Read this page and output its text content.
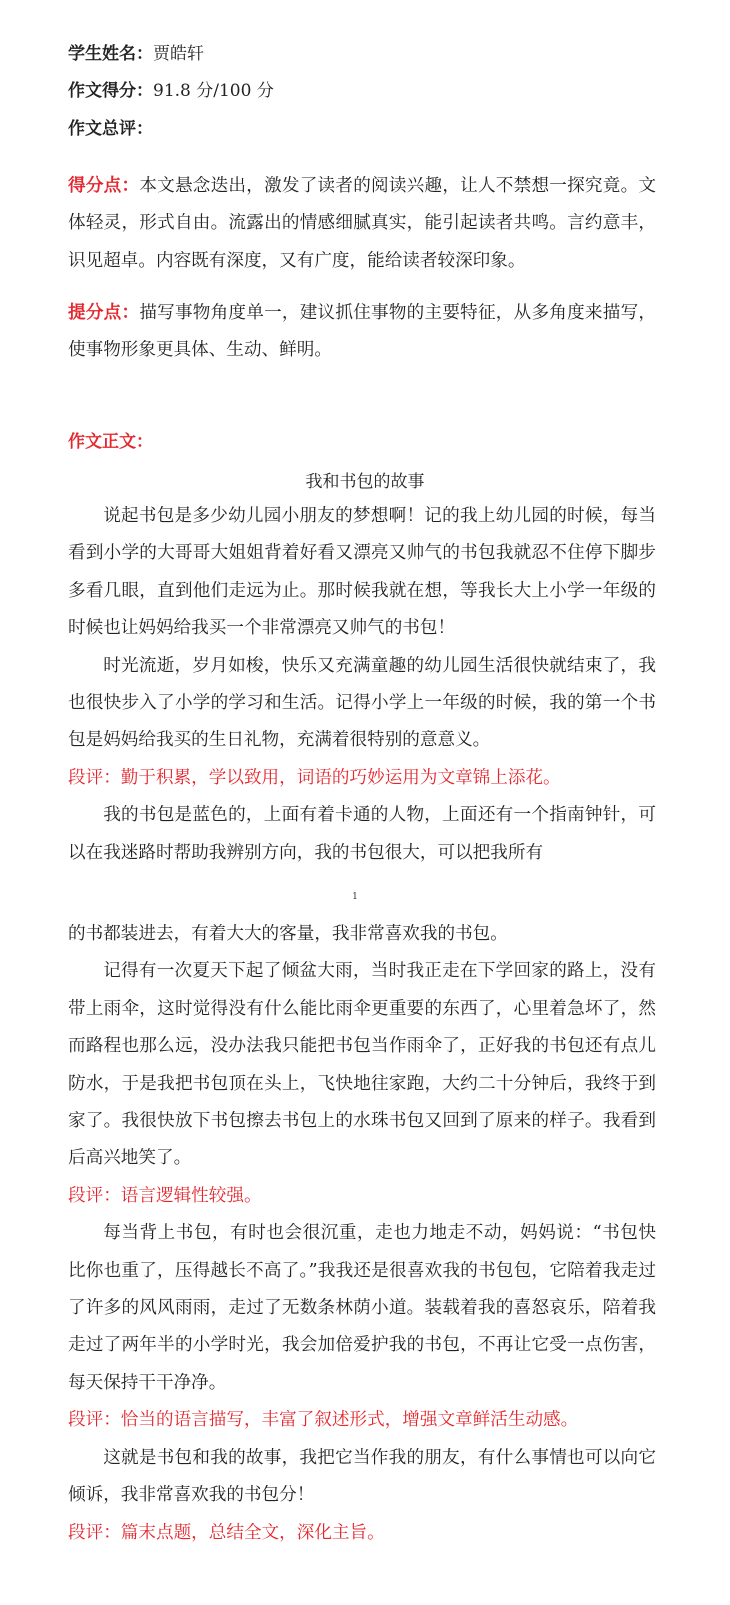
学生姓名：贾皓轩
作文得分：91.8 分/100 分
作文总评：

得分点：本文悬念迭出，激发了读者的阅读兴趣，让人不禁想一探究竟。文体轻灵，形式自由。流露出的情感细腻真实，能引起读者共鸣。言约意丰，识见超卓。内容既有深度，又有广度，能给读者较深印象。

提分点：描写事物角度单一，建议抓住事物的主要特征，从多角度来描写，使事物形象更具体、生动、鲜明。

作文正文：
我和书包的故事

说起书包是多少幼儿园小朋友的梦想啊！记的我上幼儿园的时候，每当看到小学的大哥哥大姐姐背着好看又漂亮又帅气的书包我就忍不住停下脚步多看几眼，直到他们走远为止。那时候我就在想，等我长大上小学一年级的时候也让妈妈给我买一个非常漂亮又帅气的书包！

时光流逝，岁月如梭，快乐又充满童趣的幼儿园生活很快就结束了，我也很快步入了小学的学习和生活。记得小学上一年级的时候，我的第一个书包是妈妈给我买的生日礼物，充满着很特别的意意义。

段评：勤于积累，学以致用，词语的巧妙运用为文章锦上添花。

我的书包是蓝色的，上面有着卡通的人物，上面还有一个指南钟针，可以在我迷路时帮助我辨别方向，我的书包很大，可以把我所有

1

的书都装进去，有着大大的客量，我非常喜欢我的书包。

记得有一次夏天下起了倾盆大雨，当时我正走在下学回家的路上，没有带上雨伞，这时觉得没有什么能比雨伞更重要的东西了，心里着急坏了，然而路程也那么远，没办法我只能把书包当作雨伞了，正好我的书包还有点儿防水，于是我把书包顶在头上，飞快地往家跑，大约二十分钟后，我终于到家了。我很快放下书包擦去书包上的水珠书包又回到了原来的样子。我看到后高兴地笑了。

段评：语言逻辑性较强。

每当背上书包，有时也会很沉重，走也力地走不动，妈妈说：“书包快比你也重了，压得越长不高了。”我我还是很喜欢我的书包包，它陪着我走过了许多的风风雨雨，走过了无数条林荫小道。装载着我的喜怒哀乐，陪着我走过了两年半的小学时光，我会加倍爱护我的书包，不再让它受一点伤害，每天保持干干净净。

段评：恰当的语言描写，丰富了叙述形式，增强文章鲜活生动感。

这就是书包和我的故事，我把它当作我的朋友，有什么事情也可以向它倾诉，我非常喜欢我的书包分！

段评：篇末点题，总结全文，深化主旨。
